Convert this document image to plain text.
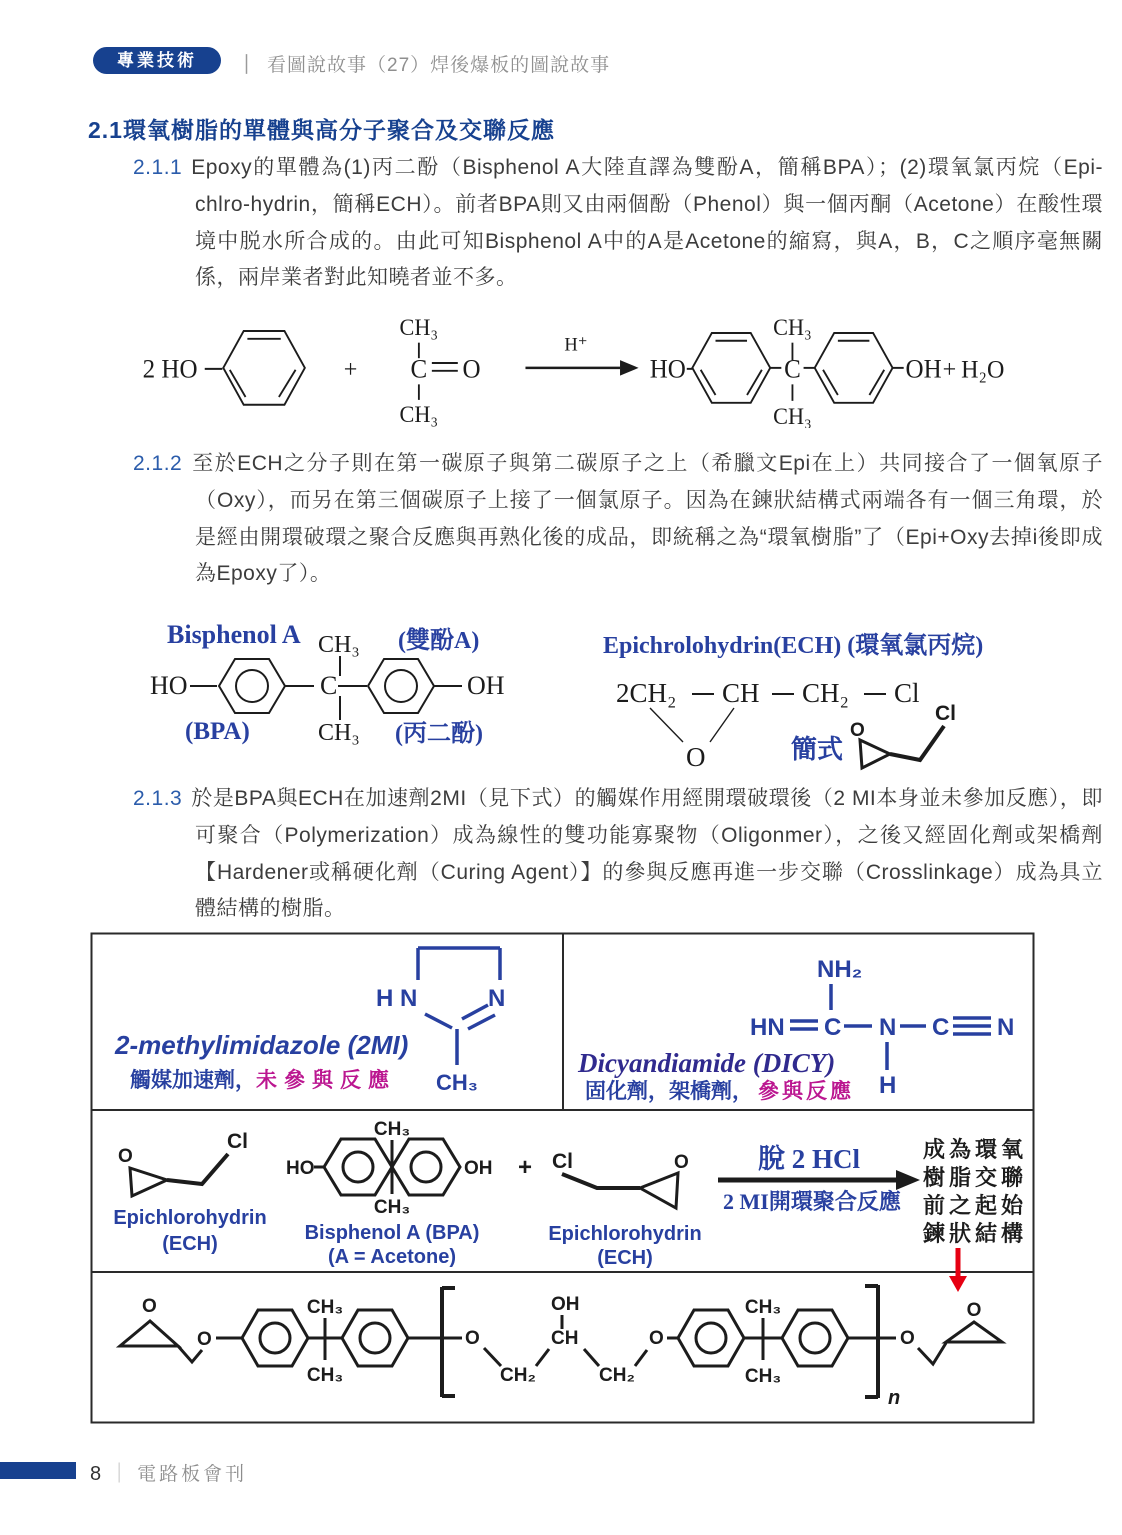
專業技術	｜ 看圖說故事（27）焊後爆板的圖說故事
2.1環氧樹脂的單體與高分子聚合及交聯反應
2.1.1 Epoxy的單體為(1)丙二酚（Bisphenol A大陸直譯為雙酚A，簡稱BPA）；(2)環氧氯丙烷（Epi-chlro-hydrin，簡稱ECH）。前者BPA則又由兩個酚（Phenol）與一個丙酮（Acetone）在酸性環境中脱水所合成的。由此可知Bisphenol A中的A是Acetone的縮寫，與A，B，C之順序毫無關係，兩岸業者對此知曉者並不多。
2 HO	+
CH₃
C O
CH₃
H⁺
HO
CH₃
C
CH₃
OH + H₂O
2.1.2 至於ECH之分子則在第一碳原子與第二碳原子之上（希臘文Epi在上）共同接合了一個氧原子（Oxy），而另在第三個碳原子上接了一個氯原子。因為在鍊狀結構式兩端各有一個三角環，於是經由開環破環之聚合反應與再熟化後的成品，即統稱之為“環氧樹脂”了（Epi+Oxy去掉i後即成為Epoxy了）。
Bisphenol A CH₃ (雙酚A)
HO	C	OH
CH₃
(BPA)	(丙二酚)
Epichrolohydrin(ECH) (環氧氯丙烷)
2CH₂ CH CH₂ Cl
O	簡式
O
Cl
2.1.3 於是BPA與ECH在加速劑2MI（見下式）的觸媒作用經開環破環後（2 MI本身並未參加反應），即可聚合（Polymerization）成為線性的雙功能寡聚物（Oligonmer），之後又經固化劑或架橋劑【Hardener或稱硬化劑（Curing Agent）】的參與反應再進一步交聯（Crosslinkage）成為具立體結構的樹脂。
H N	N
CH₃
2-methylimidazole (2MI)
觸媒加速劑， 未參與反應
NH₂
HN C N C N
H
Dicyandiamide (DICY)
固化劑，架橋劑， 參與反應
O
Cl
Epichlorohydrin
(ECH)
HO
CH₃
CH₃
OH
Bisphenol A (BPA)
(A = Acetone)
+ Cl	O
Epichlorohydrin
(ECH)
脫 2 HCl
2 MI開環聚合反應
成為環氧
樹脂交聯
前之起始
鍊狀結構
O
O
CH₃
CH₃
O
CH₂
CH
OH
CH₂
O
CH₃
CH₃
n
O
O
8 ｜ 電路板會刊
